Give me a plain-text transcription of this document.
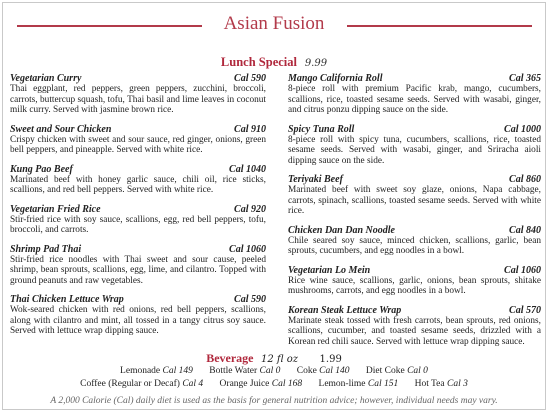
Asian Fusion
Lunch Special 9.99
Vegetarian Curry	Cal 590
Thai eggplant, red peppers, green peppers, zucchini, broccoli, carrots, buttercup squash, tofu, Thai basil and lime leaves in coconut milk curry. Served with jasmine brown rice.
Sweet and Sour Chicken	Cal 910
Crispy chicken with sweet and sour sauce, red ginger, onions, green bell peppers, and pineapple. Served with white rice.
Kung Pao Beef	Cal 1040
Marinated beef with honey garlic sauce, chili oil, rice sticks, scallions, and red bell peppers. Served with white rice.
Vegetarian Fried Rice	Cal 920
Stir-fried rice with soy sauce, scallions, egg, red bell peppers, tofu, broccoli, and carrots.
Shrimp Pad Thai	Cal 1060
Stir-fried rice noodles with Thai sweet and sour cause, peeled shrimp, bean sprouts, scallions, egg, lime, and cilantro. Topped with ground peanuts and raw vegetables.
Thai Chicken Lettuce Wrap	Cal 590
Wok-seared chicken with red onions, red bell peppers, scallions, along with cilantro and mint, all tossed in a tangy citrus soy sauce. Served with lettuce wrap dipping sauce.
Mango California Roll	Cal 365
8-piece roll with premium Pacific krab, mango, cucumbers, scallions, rice, toasted sesame seeds. Served with wasabi, ginger, and citrus ponzu dipping sauce on the side.
Spicy Tuna Roll	Cal 1000
8-piece roll with spicy tuna, cucumbers, scallions, rice, toasted sesame seeds. Served with wasabi, ginger, and Sriracha aioli dipping sauce on the side.
Teriyaki Beef	Cal 860
Marinated beef with sweet soy glaze, onions, Napa cabbage, carrots, spinach, scallions, toasted sesame seeds. Served with white rice.
Chicken Dan Dan Noodle	Cal 840
Chile seared soy sauce, minced chicken, scallions, garlic, bean sprouts, cucumbers, and egg noodles in a bowl.
Vegetarian Lo Mein	Cal 1060
Rice wine sauce, scallions, garlic, onions, bean sprouts, shitake mushrooms, carrots, and egg noodles in a bowl.
Korean Steak Lettuce Wrap	Cal 570
Marinate steak tossed with fresh carrots, bean sprouts, red onions, scallions, cucumber, and toasted sesame seeds, drizzled with a Korean red chili sauce. Served with lettuce wrap dipping sauce.
Beverage 12 fl oz 1.99
Lemonade Cal 149 Bottle Water Cal 0 Coke Cal 140 Diet Coke Cal 0
Coffee (Regular or Decaf) Cal 4 Orange Juice Cal 168 Lemon-lime Cal 151 Hot Tea Cal 3
A 2,000 Calorie (Cal) daily diet is used as the basis for general nutrition advice; however, individual needs may vary.
